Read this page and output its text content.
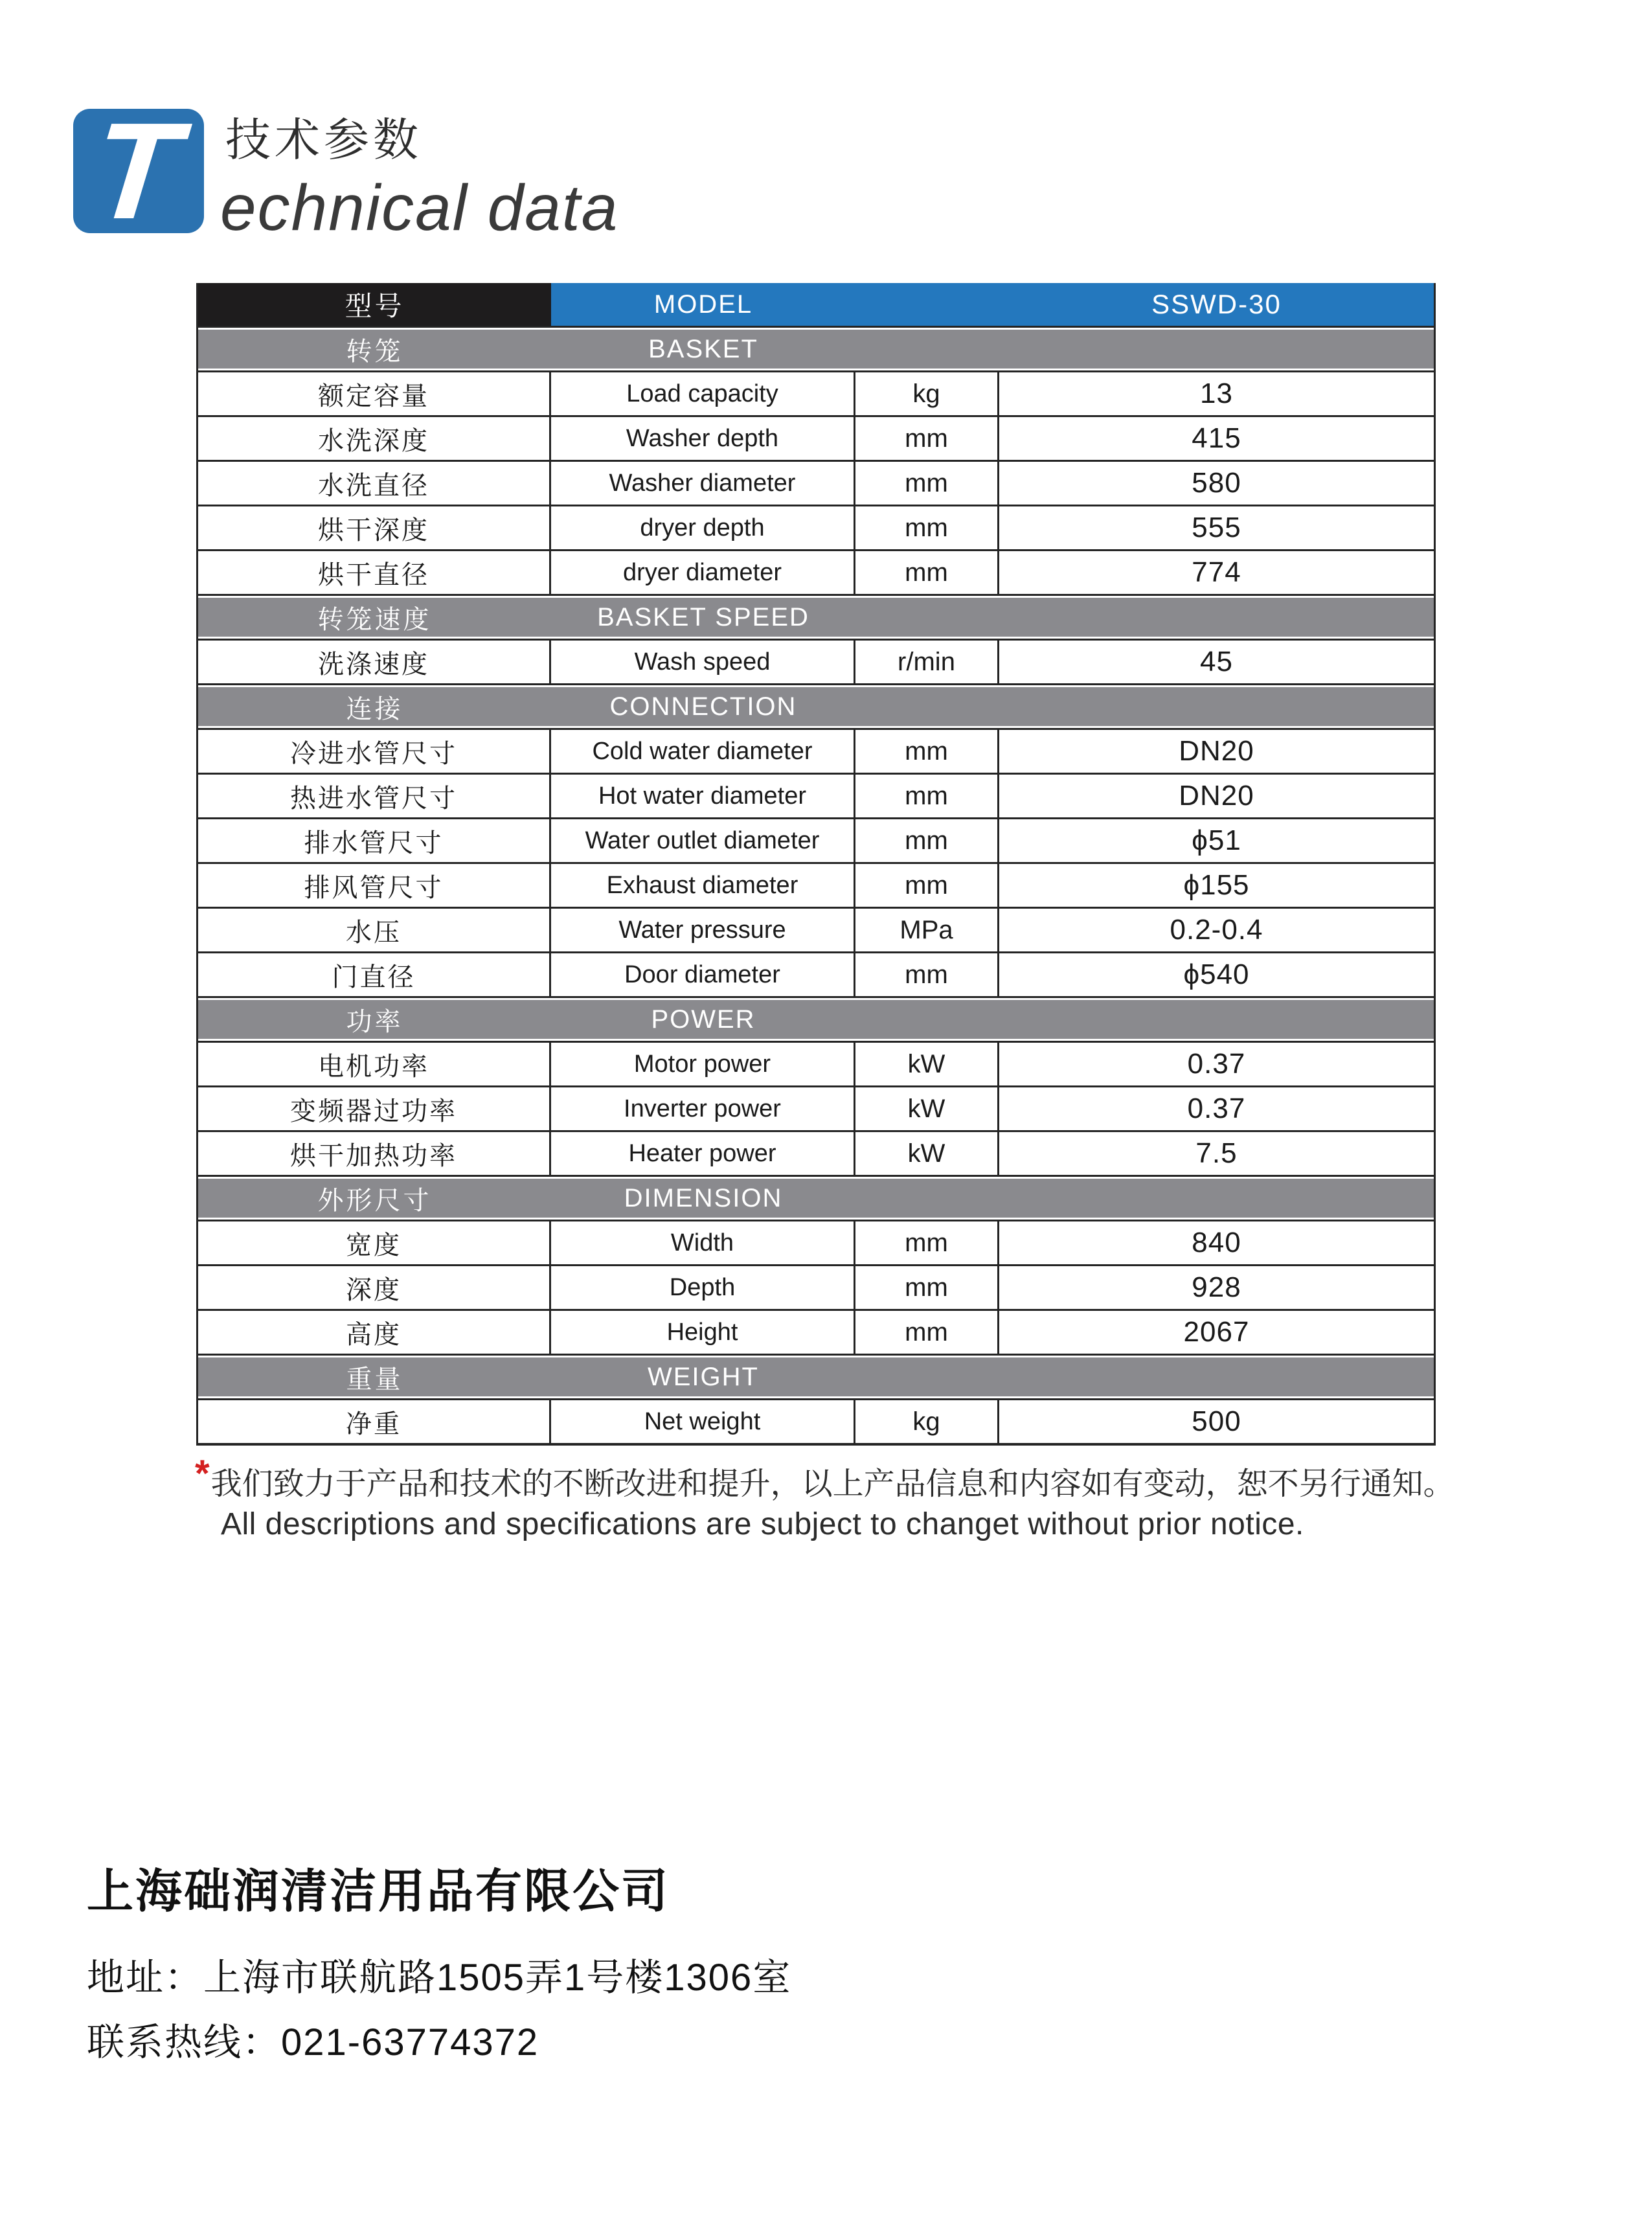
T 技术参数
echnical data
型号	MODEL	SSWD-30
转笼	BASKET
额定容量	Load capacity	kg	13
水洗深度	Washer depth	mm	415
水洗直径	Washer diameter	mm	580
烘干深度	dryer depth	mm	555
烘干直径	dryer diameter	mm	774
转笼速度	BASKET SPEED
洗涤速度	Wash speed	r/min	45
连接	CONNECTION
冷进水管尺寸	Cold water diameter	mm	DN20
热进水管尺寸	Hot water diameter	mm	DN20
排水管尺寸	Water outlet diameter	mm	ϕ51
排风管尺寸	Exhaust diameter	mm	ϕ155
水压	Water pressure	MPa	0.2-0.4
门直径	Door diameter	mm	ϕ540
功率	POWER
电机功率	Motor power	kW	0.37
变频器过功率	Inverter power	kW	0.37
烘干加热功率	Heater power	kW	7.5
外形尺寸	DIMENSION
宽度	Width	mm	840
深度	Depth	mm	928
高度	Height	mm	2067
重量	WEIGHT
净重	Net weight	kg	500
* 我们致力于产品和技术的不断改进和提升，以上产品信息和内容如有变动，恕不另行通知。
All descriptions and specifications are subject to changet without prior notice.
上海础润清洁用品有限公司
地址：上海市联航路1505弄1号楼1306室
联系热线：021-63774372
